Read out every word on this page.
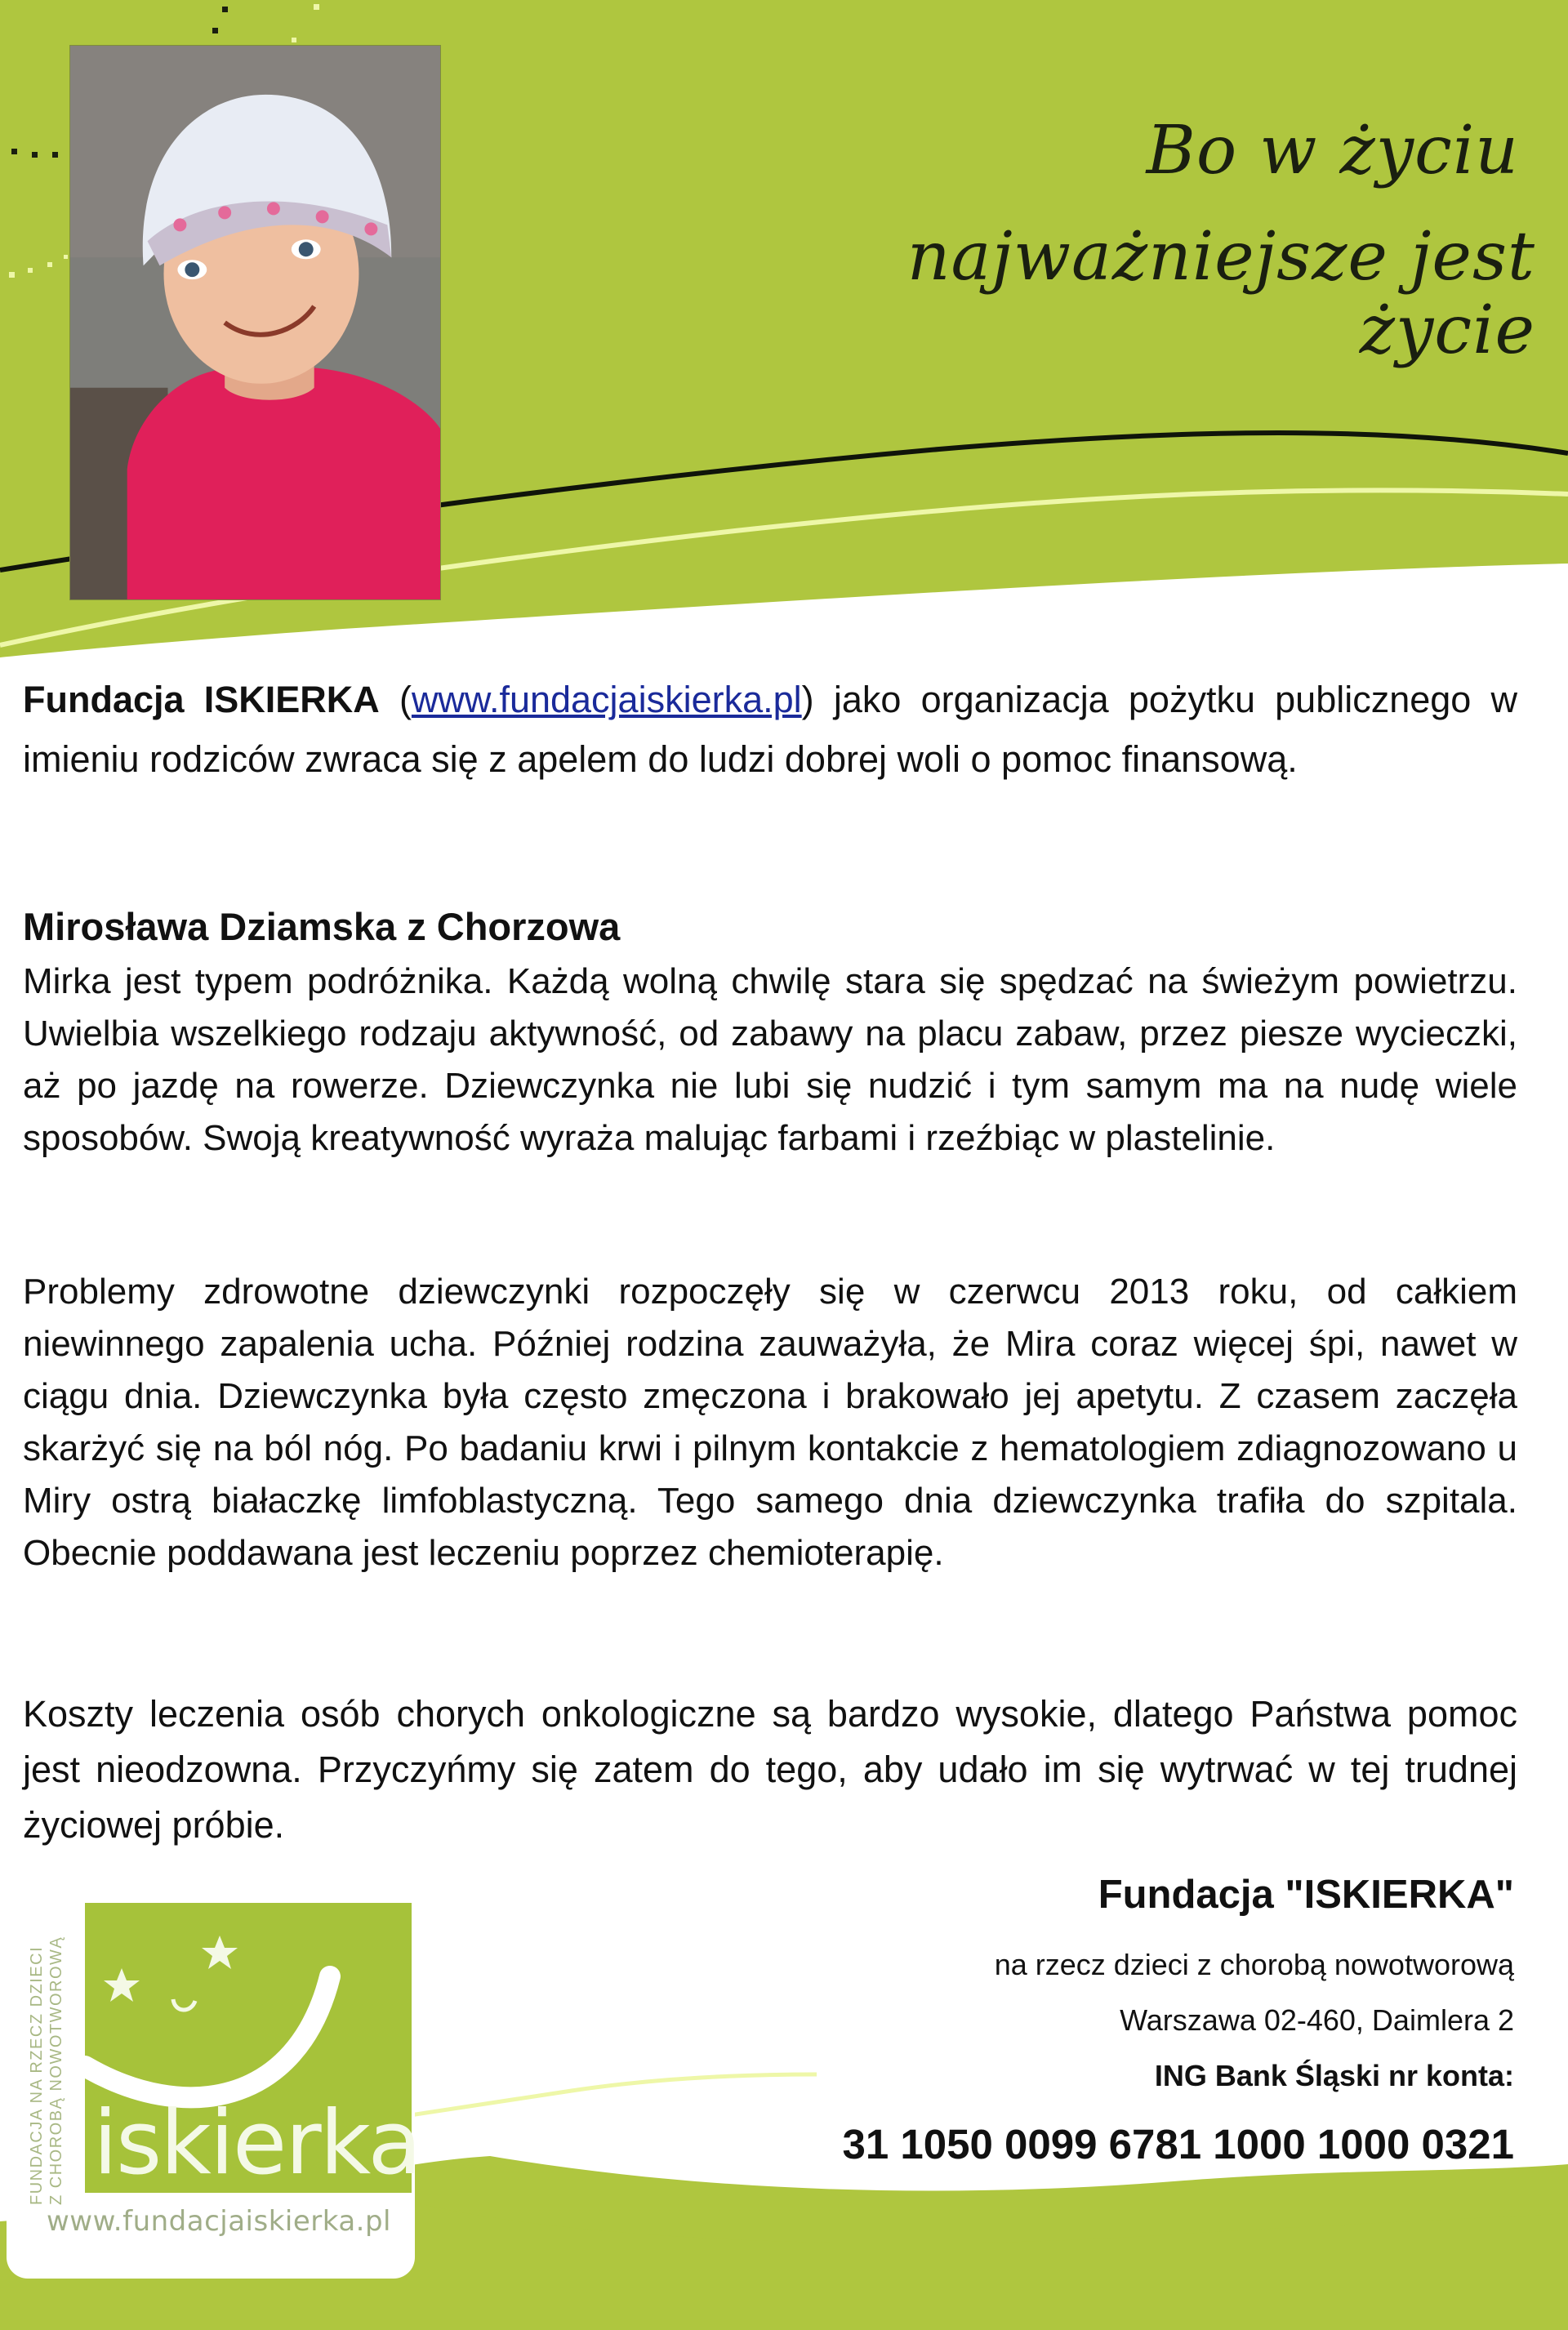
Bo w życiu
najważniejsze jest życie

Fundacja ISKIERKA (www.fundacjaiskierka.pl) jako organizacja pożytku publicznego w imieniu rodziców zwraca się z apelem do ludzi dobrej woli o pomoc finansową.

Mirosława Dziamska z Chorzowa

Mirka jest typem podróżnika. Każdą wolną chwilę stara się spędzać na świeżym powietrzu. Uwielbia wszelkiego rodzaju aktywność, od zabawy na placu zabaw, przez piesze wycieczki, aż po jazdę na rowerze. Dziewczynka nie lubi się nudzić i tym samym ma na nudę wiele sposobów. Swoją kreatywność wyraża malując farbami i rzeźbiąc w plastelinie.

Problemy zdrowotne dziewczynki rozpoczęły się w czerwcu 2013 roku, od całkiem niewinnego zapalenia ucha. Później rodzina zauważyła, że Mira coraz więcej śpi, nawet w ciągu dnia. Dziewczynka była często zmęczona i brakowało jej apetytu. Z czasem zaczęła skarżyć się na ból nóg. Po badaniu krwi i pilnym kontakcie z hematologiem zdiagnozowano u Miry ostrą białaczkę limfoblastyczną. Tego samego dnia dziewczynka trafiła do szpitala. Obecnie poddawana jest leczeniu poprzez chemioterapię.

Koszty leczenia osób chorych onkologiczne są bardzo wysokie, dlatego Państwa pomoc jest nieodzowna. Przyczyńmy się zatem do tego, aby udało im się wytrwać w tej trudnej życiowej próbie.

Fundacja "ISKIERKA"
na rzecz dzieci z chorobą nowotworową
Warszawa 02-460, Daimlera 2
ING Bank Śląski nr konta:
31 1050 0099 6781 1000 1000 0321
FUNDACJA NA RZECZ DZIECI Z CHOROBĄ NOWOTWOROWĄ iskierka
www.fundacjaiskierka.pl
